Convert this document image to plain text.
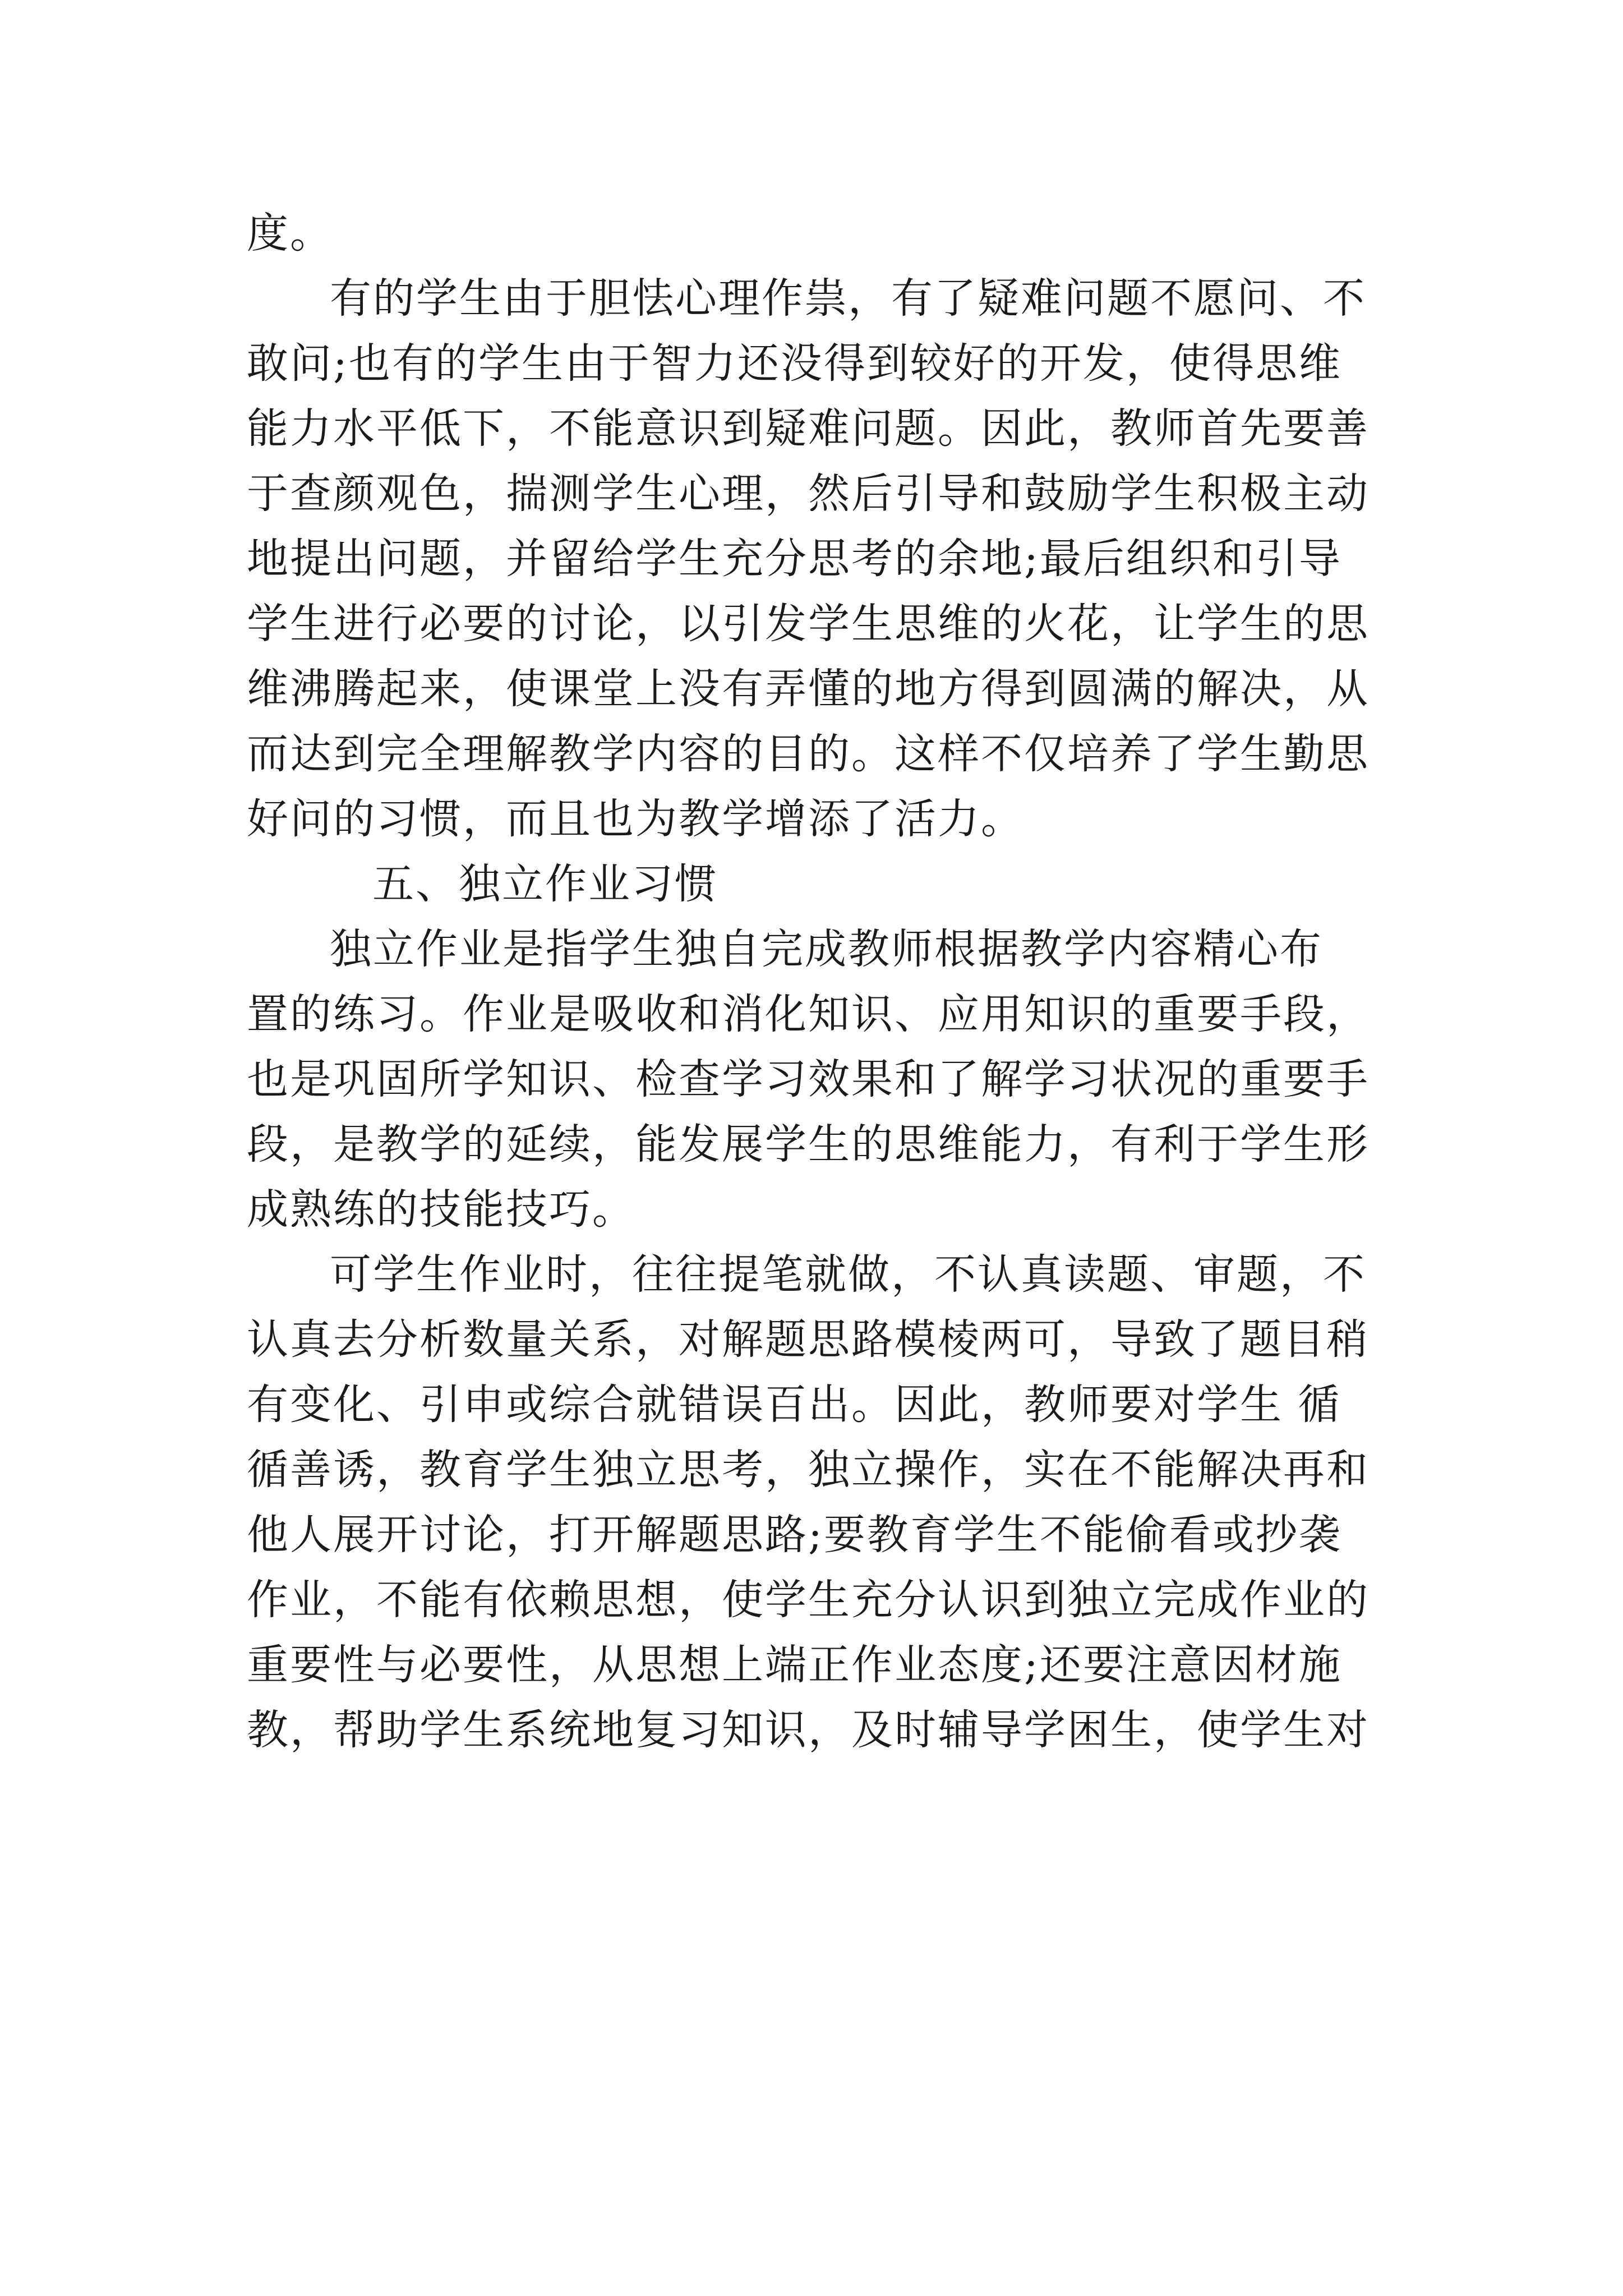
度。
有的学生由于胆怯心理作祟，有了疑难问题不愿问、不
敢问;也有的学生由于智力还没得到较好的开发，使得思维
能力水平低下，不能意识到疑难问题。因此，教师首先要善
于查颜观色，揣测学生心理，然后引导和鼓励学生积极主动
地提出问题，并留给学生充分思考的余地;最后组织和引导
学生进行必要的讨论，以引发学生思维的火花，让学生的思
维沸腾起来，使课堂上没有弄懂的地方得到圆满的解决，从
而达到完全理解教学内容的目的。这样不仅培养了学生勤思
好问的习惯，而且也为教学增添了活力。
五、独立作业习惯
独立作业是指学生独自完成教师根据教学内容精心布
置的练习。作业是吸收和消化知识、应用知识的重要手段，
也是巩固所学知识、检查学习效果和了解学习状况的重要手
段，是教学的延续，能发展学生的思维能力，有利于学生形
成熟练的技能技巧。
可学生作业时，往往提笔就做，不认真读题、审题，不
认真去分析数量关系，对解题思路模棱两可，导致了题目稍
有变化、引申或综合就错误百出。因此，教师要对学生 循
循善诱，教育学生独立思考，独立操作，实在不能解决再和
他人展开讨论，打开解题思路;要教育学生不能偷看或抄袭
作业，不能有依赖思想，使学生充分认识到独立完成作业的
重要性与必要性，从思想上端正作业态度;还要注意因材施
教，帮助学生系统地复习知识，及时辅导学困生，使学生对
